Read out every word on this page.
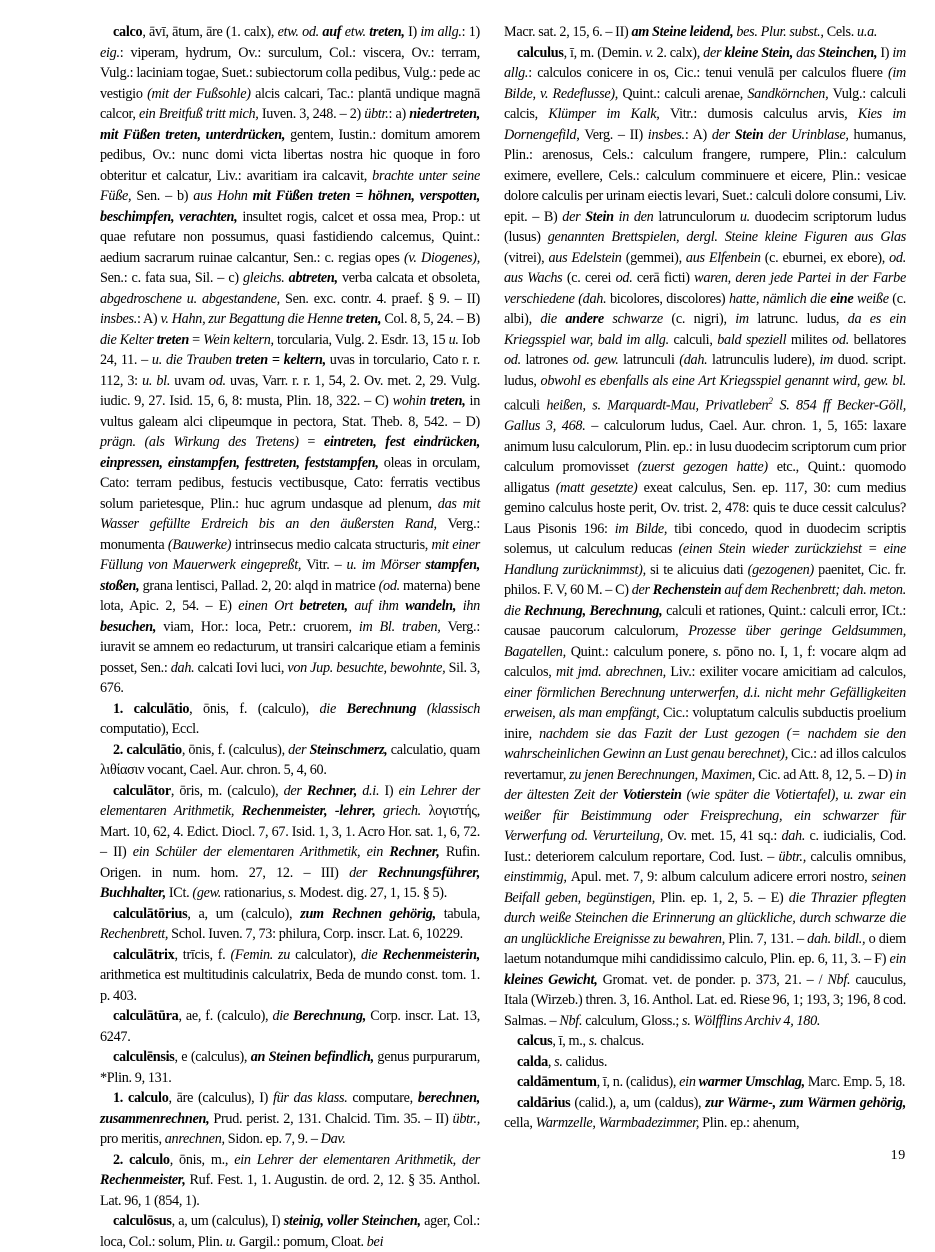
calco, āvī, ātum, āre (1. calx), etw. od. auf etw. treten, I) im allg.: 1) eig.: viperam, hydrum, Ov.: surculum, Col.: viscera, Ov.: terram, Vulg.: laciniam togae, Suet.: subiectorum colla pedibus, Vulg.: pede ac vestigio (mit der Fußsohle) alcis calcari, Tac.: plantā undique magnā calcor, ein Breitfuß tritt mich, Iuven. 3, 248. – 2) übtr.: a) niedertreten, mit Füßen treten, unterdrücken, gentem, Iustin.: domitum amorem pedibus, Ov.: nunc domi victa libertas nostra hic quoque in foro obteritur et calcatur, Liv.: avaritiam ira calcavit, brachte unter seine Füße, Sen. – b) aus Hohn mit Füßen treten = höhnen, verspotten, beschimpfen, verachten, insultet rogis, calcet et ossa mea, Prop.: ut quae refutare non possumus, quasi fastidiendo calcemus, Quint.: aedium sacrarum ruinae calcantur, Sen.: c. regias opes (v. Diogenes), Sen.: c. fata sua, Sil. – c) gleichs. abtreten, verba calcata et obsoleta, abgedroschene u. abgestandene, Sen. exc. contr. 4. praef. § 9. – II) insbes.: A) v. Hahn, zur Begattung die Henne treten, Col. 8, 5, 24. – B) die Kelter treten = Wein keltern, torcularia, Vulg. 2. Esdr. 13, 15 u. Iob 24, 11. – u. die Trauben treten = keltern, uvas in torculario, Cato r. r. 112, 3: u. bl. uvam od. uvas, Varr. r. r. 1, 54, 2. Ov. met. 2, 29. Vulg. iudic. 9, 27. Isid. 15, 6, 8: musta, Plin. 18, 322. – C) wohin treten, in vultus galeam alci clipeumque in pectora, Stat. Theb. 8, 542. – D) prägn. (als Wirkung des Tretens) = eintreten, fest eindrücken, einpressen, einstampfen, festtreten, feststampfen, oleas in orculam, Cato: terram pedibus, festucis vectibusque, Cato: ferratis vectibus solum parietesque, Plin.: huc agrum undasque ad plenum, das mit Wasser gefüllte Erdreich bis an den äußersten Rand, Verg.: monumenta (Bauwerke) intrinsecus medio calcata structuris, mit einer Füllung von Mauerwerk eingepreßt, Vitr. – u. im Mörser stampfen, stoßen, grana lentisci, Pallad. 2, 20: alqd in matrice (od. materna) bene lota, Apic. 2, 54. – E) einen Ort betreten, auf ihm wandeln, ihn besuchen, viam, Hor.: loca, Petr.: cruorem, im Bl. traben, Verg.: iuravit se amnem eo redacturum, ut transiri calcarique etiam a feminis posset, Sen.: dah. calcati Iovi luci, von Jup. besuchte, bewohnte, Sil. 3, 676.

1. calculātio, ōnis, f. (calculo), die Berechnung (klassisch computatio), Eccl.

2. calculātio, ōnis, f. (calculus), der Steinschmerz, calculatio, quam λιθίασιν vocant, Cael. Aur. chron. 5, 4, 60.

calculātor, ōris, m. (calculo), der Rechner, d.i. I) ein Lehrer der elementaren Arithmetik, Rechenmeister, -lehrer, griech. λογιστής, Mart. 10, 62, 4. Edict. Diocl. 7, 67. Isid. 1, 3, 1. Acro Hor. sat. 1, 6, 72. – II) ein Schüler der elementaren Arithmetik, ein Rechner, Rufin. Origen. in num. hom. 27, 12. – III) der Rechnungsführer, Buchhalter, ICt. (gew. rationarius, s. Modest. dig. 27, 1, 15. § 5).

calculātōrius, a, um (calculo), zum Rechnen gehörig, tabula, Rechenbrett, Schol. Iuven. 7, 73: philura, Corp. inscr. Lat. 6, 10229.

calculātrix, trīcis, f. (Femin. zu calculator), die Rechenmeisterin, arithmetica est multitudinis calculatrix, Beda de mundo const. tom. 1. p. 403.

calculātūra, ae, f. (calculo), die Berechnung, Corp. inscr. Lat. 13, 6247.

calculēnsis, e (calculus), an Steinen befindlich, genus purpurarum, *Plin. 9, 131.

1. calculo, āre (calculus), I) für das klass. computare, berechnen, zusammenrechnen, Prud. perist. 2, 131. Chalcid. Tim. 35. – II) übtr., pro meritis, anrechnen, Sidon. ep. 7, 9. – Dav.

2. calculo, ōnis, m., ein Lehrer der elementaren Arithmetik, der Rechenmeister, Ruf. Fest. 1, 1. Augustin. de ord. 2, 12. § 35. Anthol. Lat. 96, 1 (854, 1).

calculōsus, a, um (calculus), I) steinig, voller Steinchen, ager, Col.: loca, Col.: solum, Plin. u. Gargil.: pomum, Cloat. bei

Macr. sat. 2, 15, 6. – II) am Steine leidend, bes. Plur. subst., Cels. u.a.

calculus, ī, m. (Demin. v. 2. calx), der kleine Stein, das Steinchen, I) im allg.: calculos conicere in os, Cic.: tenui venulā per calculos fluere (im Bilde, v. Redeflusse), Quint.: calculi arenae, Sandkörnchen, Vulg.: calculi calcis, Klümper im Kalk, Vitr.: dumosis calculus arvis, Kies im Dornengefild, Verg. – II) insbes.: A) der Stein der Urinblase, humanus, Plin.: arenosus, Cels.: calculum frangere, rumpere, Plin.: calculum eximere, evellere, Cels.: calculum comminuere et eicere, Plin.: vesicae dolore calculis per urinam eiectis levari, Suet.: calculi dolore consumi, Liv. epit. – B) der Stein in den latrunculorum u. duodecim scriptorum ludus (lusus) genannten Brettspielen, dergl. Steine kleine Figuren aus Glas (vitrei), aus Edelstein (gemmei), aus Elfenbein (c. eburnei, ex ebore), od. aus Wachs (c. cerei od. cerā ficti) waren, deren jede Partei in der Farbe verschiedene (dah. bicolores, discolores) hatte, nämlich die eine weiße (c. albi), die andere schwarze (c. nigri), im latrunc. ludus, da es ein Kriegsspiel war, bald im allg. calculi, bald speziell milites od. bellatores od. latrones od. gew. latrunculi (dah. latrunculis ludere), im duod. script. ludus, obwohl es ebenfalls als eine Art Kriegsspiel genannt wird, gew. bl. calculi heißen, s. Marquardt-Mau, Privatleben$^2$ S. 854 ff Becker-Göll, Gallus 3, 468. – calculorum ludus, Cael. Aur. chron. 1, 5, 165: laxare animum lusu calculorum, Plin. ep.: in lusu duodecim scriptorum cum prior calculum promovisset (zuerst gezogen hatte) etc., Quint.: quomodo alligatus (matt gesetzte) exeat calculus, Sen. ep. 117, 30: cum medius gemino calculus hoste perit, Ov. trist. 2, 478: quis te duce cessit calculus? Laus Pisonis 196: im Bilde, tibi concedo, quod in duodecim scriptis solemus, ut calculum reducas (einen Stein wieder zurückziehst = eine Handlung zurücknimmst), si te alicuius dati (gezogenen) paenitet, Cic. fr. philos. F. V, 60 M. – C) der Rechenstein auf dem Rechenbrett; dah. meton. die Rechnung, Berechnung, calculi et rationes, Quint.: calculi error, ICt.: causae paucorum calculorum, Prozesse über geringe Geldsummen, Bagatellen, Quint.: calculum ponere, s. pōno no. I, 1, f: vocare alqm ad calculos, mit jmd. abrechnen, Liv.: exiliter vocare amicitiam ad calculos, einer förmlichen Berechnung unterwerfen, d.i. nicht mehr Gefälligkeiten erweisen, als man empfängt, Cic.: voluptatum calculis subductis proelium inire, nachdem sie das Fazit der Lust gezogen (= nachdem sie den wahrscheinlichen Gewinn an Lust genau berechnet), Cic.: ad illos calculos revertamur, zu jenen Berechnungen, Maximen, Cic. ad Att. 8, 12, 5. – D) in der ältesten Zeit der Votierstein (wie später die Votiertafel), u. zwar ein weißer für Beistimmung oder Freisprechung, ein schwarzer für Verwerfung od. Verurteilung, Ov. met. 15, 41 sq.: dah. c. iudicialis, Cod. Iust.: deteriorem calculum reportare, Cod. Iust. – übtr., calculis omnibus, einstimmig, Apul. met. 7, 9: album calculum adicere errori nostro, seinen Beifall geben, begünstigen, Plin. ep. 1, 2, 5. – E) die Thrazier pflegten durch weiße Steinchen die Erinnerung an glückliche, durch schwarze die an unglückliche Ereignisse zu bewahren, Plin. 7, 131. – dah. bildl., o diem laetum notandumque mihi candidissimo calculo, Plin. ep. 6, 11, 3. – F) ein kleines Gewicht, Gromat. vet. de ponder. p. 373, 21. – / Nbf. cauculus, Itala (Wirzeb.) thren. 3, 16. Anthol. Lat. ed. Riese 96, 1; 193, 3; 196, 8 cod. Salmas. – Nbf. calculum, Gloss.; s. Wölfflins Archiv 4, 180.

calcus, ī, m., s. chalcus.

calda, s. calidus.

caldāmentum, ī, n. (calidus), ein warmer Umschlag, Marc. Emp. 5, 18.

caldārius (calid.), a, um (caldus), zur Wärme-, zum Wärmen gehörig, cella, Warmzelle, Warmbadezimmer, Plin. ep.: ahenum,

19
